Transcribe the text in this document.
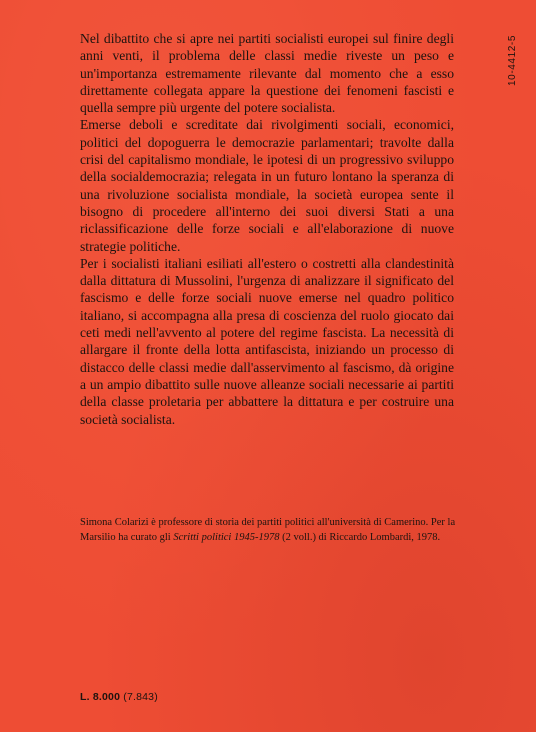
10-4412-5

Nel dibattito che si apre nei partiti socialisti europei sul finire degli anni venti, il problema delle classi medie riveste un peso e un'importanza estremamente rilevante dal momento che a esso direttamente collegata appare la questione dei fenomeni fascisti e quella sempre più urgente del potere socialista.

Emerse deboli e screditate dai rivolgimenti sociali, economici, politici del dopoguerra le democrazie parlamentari; travolte dalla crisi del capitalismo mondiale, le ipotesi di un progressivo sviluppo della socialdemocrazia; relegata in un futuro lontano la speranza di una rivoluzione socialista mondiale, la società europea sente il bisogno di procedere all'interno dei suoi diversi Stati a una riclassificazione delle forze sociali e all'elaborazione di nuove strategie politiche.

Per i socialisti italiani esiliati all'estero o costretti alla clandestinità dalla dittatura di Mussolini, l'urgenza di analizzare il significato del fascismo e delle forze sociali nuove emerse nel quadro politico italiano, si accompagna alla presa di coscienza del ruolo giocato dai ceti medi nell'avvento al potere del regime fascista. La necessità di allargare il fronte della lotta antifascista, iniziando un processo di distacco delle classi medie dall'asservimento al fascismo, dà origine a un ampio dibattito sulle nuove alleanze sociali necessarie ai partiti della classe proletaria per abbattere la dittatura e per costruire una società socialista.

Simona Colarizi è professore di storia dei partiti politici all'università di Camerino. Per la Marsilio ha curato gli Scritti politici 1945-1978 (2 voll.) di Riccardo Lombardi, 1978.

L. 8.000 (7.843)
